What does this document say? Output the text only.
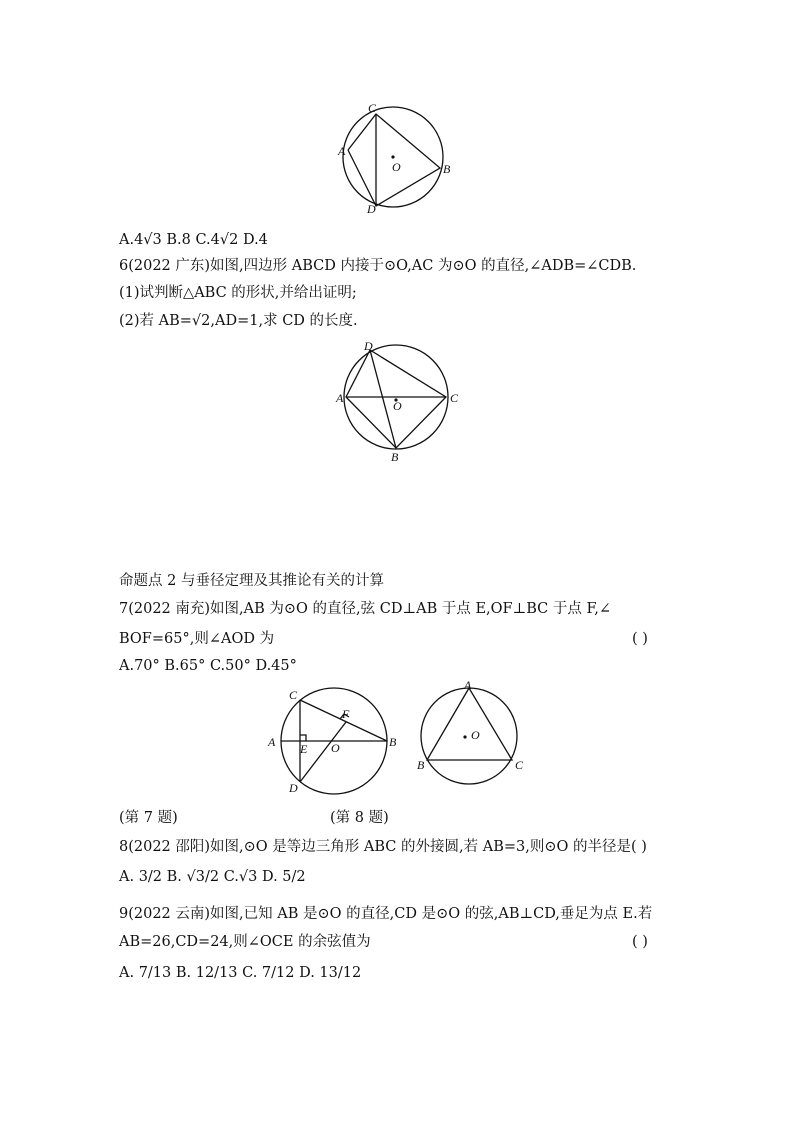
C
A
O	B
D
A.4√3 B.8 C.4√2 D.4
6(2022 广东)如图,四边形 ABCD 内接于⊙O,AC 为⊙O 的直径,∠ADB=∠CDB.
(1)试判断△ABC 的形状,并给出证明;
(2)若 AB=√2,AD=1,求 CD 的长度.
D
A
O
C
B
命题点 2 与垂径定理及其推论有关的计算
7(2022 南充)如图,AB 为⊙O 的直径,弦 CD⊥AB 于点 E,OF⊥BC 于点 F,∠
BOF=65°,则∠AOD 为	( )
A.70° B.65° C.50° D.45°
C
F
A E O	B
D
A
O
B	C
(第 7 题)	(第 8 题)
8(2022 邵阳)如图,⊙O 是等边三角形 ABC 的外接圆,若 AB=3,则⊙O 的半径是( )
A. 3/2 B. √3/2 C.√3 D. 5/2
9(2022 云南)如图,已知 AB 是⊙O 的直径,CD 是⊙O 的弦,AB⊥CD,垂足为点 E.若
AB=26,CD=24,则∠OCE 的余弦值为	( )
A. 7/13 B. 12/13 C. 7/12 D. 13/12
